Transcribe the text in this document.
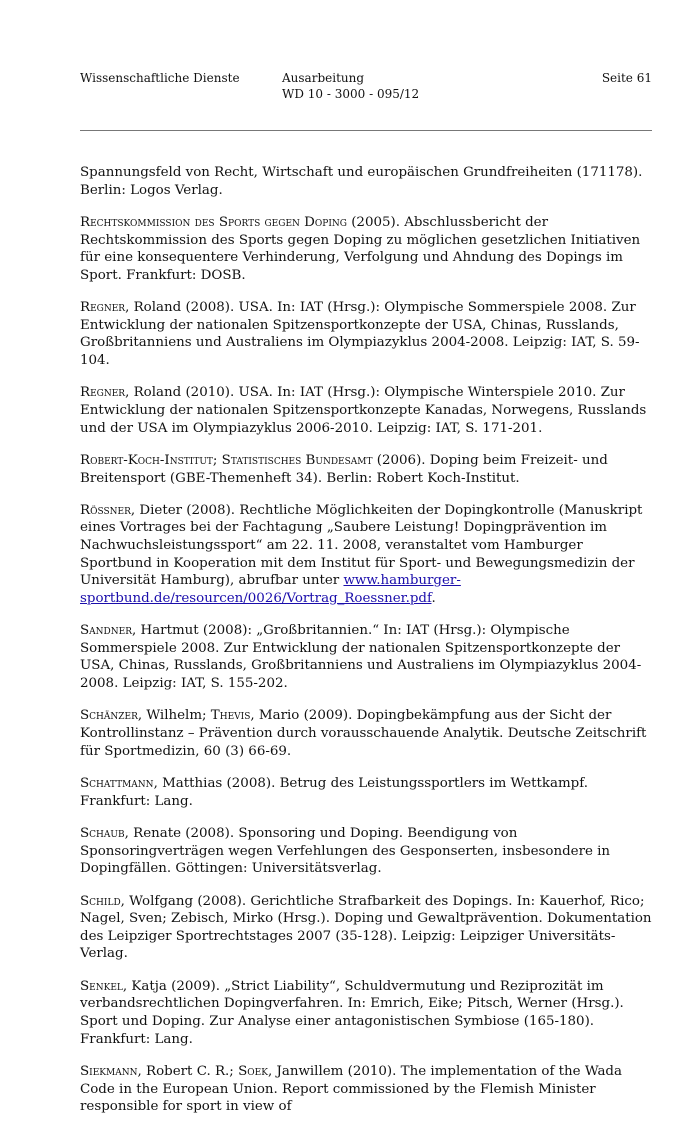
Wissenschaftliche Dienste	Ausarbeitung
WD 10 - 3000 - 095/12
Seite 61

Spannungsfeld von Recht, Wirtschaft und europäischen Grundfreiheiten (171178). Berlin: Logos Verlag.

Rechtskommission des Sports gegen Doping (2005). Abschlussbericht der Rechtskommission des Sports gegen Doping zu möglichen gesetzlichen Initiativen für eine konsequentere Verhinderung, Verfolgung und Ahndung des Dopings im Sport. Frankfurt: DOSB.

Regner, Roland (2008). USA. In: IAT (Hrsg.): Olympische Sommerspiele 2008. Zur Entwicklung der nationalen Spitzensportkonzepte der USA, Chinas, Russlands, Großbritanniens und Australiens im Olympiazyklus 2004-2008. Leipzig: IAT, S. 59-104.

Regner, Roland (2010). USA. In: IAT (Hrsg.): Olympische Winterspiele 2010. Zur Entwicklung der nationalen Spitzensportkonzepte Kanadas, Norwegens, Russlands und der USA im Olympiazyklus 2006-2010. Leipzig: IAT, S. 171-201.

Robert-Koch-Institut; Statistisches Bundesamt (2006). Doping beim Freizeit- und Breitensport (GBE-Themenheft 34). Berlin: Robert Koch-Institut.

Rössner, Dieter (2008). Rechtliche Möglichkeiten der Dopingkontrolle (Manuskript eines Vortrages bei der Fachtagung „Saubere Leistung! Dopingprävention im Nachwuchsleistungssport“ am 22. 11. 2008, veranstaltet vom Hamburger Sportbund in Kooperation mit dem Institut für Sport- und Bewegungsmedizin der Universität Hamburg), abrufbar unter www.hamburger-sportbund.de/resourcen/0026/Vortrag_Roessner.pdf.

Sandner, Hartmut (2008): „Großbritannien.“ In: IAT (Hrsg.): Olympische Sommerspiele 2008. Zur Entwicklung der nationalen Spitzensportkonzepte der USA, Chinas, Russlands, Großbritanniens und Australiens im Olympiazyklus 2004-2008. Leipzig: IAT, S. 155-202.

Schänzer, Wilhelm; Thevis, Mario (2009). Dopingbekämpfung aus der Sicht der Kontrollinstanz – Prävention durch vorausschauende Analytik. Deutsche Zeitschrift für Sportmedizin, 60 (3) 66-69.

Schattmann, Matthias (2008). Betrug des Leistungssportlers im Wettkampf. Frankfurt: Lang.

Schaub, Renate (2008). Sponsoring und Doping. Beendigung von Sponsoringverträgen wegen Verfehlungen des Gesponserten, insbesondere in Dopingfällen. Göttingen: Universitätsverlag.

Schild, Wolfgang (2008). Gerichtliche Strafbarkeit des Dopings. In: Kauerhof, Rico; Nagel, Sven; Zebisch, Mirko (Hrsg.). Doping und Gewaltprävention. Dokumentation des Leipziger Sportrechtstages 2007 (35-128). Leipzig: Leipziger Universitäts-Verlag.

Senkel, Katja (2009). „Strict Liability“, Schuldvermutung und Reziprozität im verbandsrechtlichen Dopingverfahren. In: Emrich, Eike; Pitsch, Werner (Hrsg.). Sport und Doping. Zur Analyse einer antagonistischen Symbiose (165-180). Frankfurt: Lang.

Siekmann, Robert C. R.; Soek, Janwillem (2010). The implementation of the Wada Code in the European Union. Report commissioned by the Flemish Minister responsible for sport in view of
